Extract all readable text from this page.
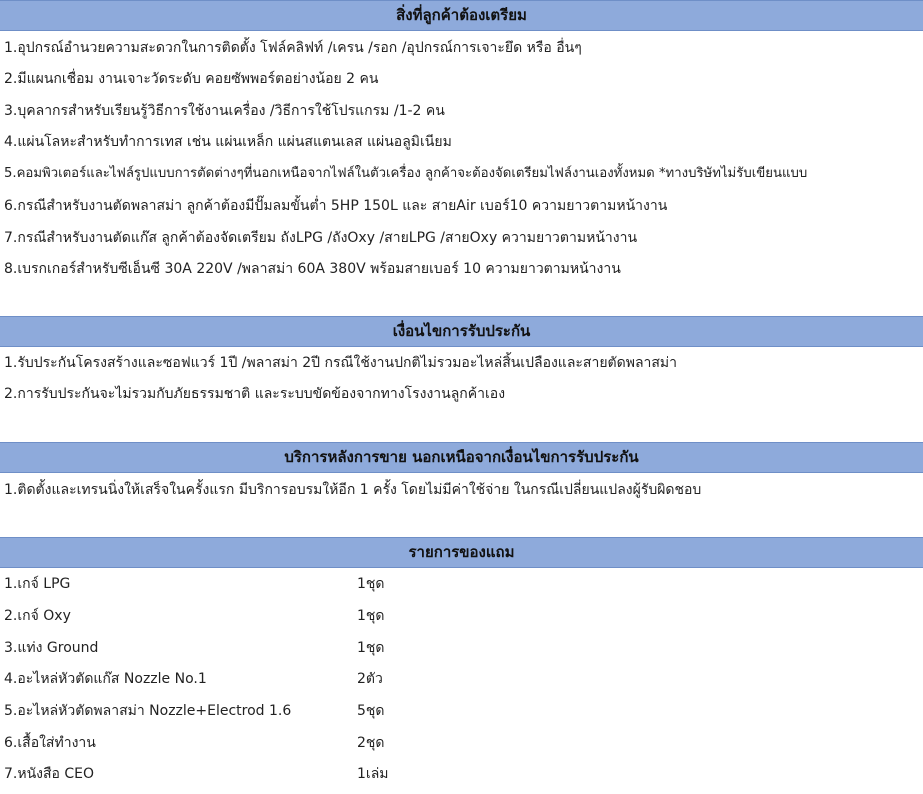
สิ่งที่ลูกค้าต้องเตรียม
1.อุปกรณ์อำนวยความสะดวกในการติดตั้ง โฟล์คลิฟท์ /เครน /รอก /อุปกรณ์การเจาะยึด หรือ อื่นๆ
2.มีแผนกเชื่อม งานเจาะวัดระดับ คอยซัพพอร์ตอย่างน้อย 2 คน
3.บุคลากรสำหรับเรียนรู้วิธีการใช้งานเครื่อง /วิธีการใช้โปรแกรม /1-2 คน
4.แผ่นโลหะสำหรับทำการเทส เช่น แผ่นเหล็ก แผ่นสแตนเลส แผ่นอลูมิเนียม
5.คอมพิวเตอร์และไฟล์รูปแบบการตัดต่างๆที่นอกเหนือจากไฟล์ในตัวเครื่อง ลูกค้าจะต้องจัดเตรียมไฟล์งานเองทั้งหมด *ทางบริษัทไม่รับเขียนแบบ
6.กรณีสำหรับงานตัดพลาสม่า ลูกค้าต้องมีปั๊มลมขั้นต่ำ 5HP 150L และ สายAir เบอร์10 ความยาวตามหน้างาน
7.กรณีสำหรับงานตัดแก๊ส ลูกค้าต้องจัดเตรียม ถังLPG /ถังOxy /สายLPG /สายOxy ความยาวตามหน้างาน
8.เบรกเกอร์สำหรับซีเอ็นซี 30A 220V /พลาสม่า 60A 380V พร้อมสายเบอร์ 10 ความยาวตามหน้างาน
เงื่อนไขการรับประกัน
1.รับประกันโครงสร้างและซอฟแวร์ 1ปี /พลาสม่า 2ปี กรณีใช้งานปกติไม่รวมอะไหล่สิ้นเปลืองและสายตัดพลาสม่า
2.การรับประกันจะไม่รวมกับภัยธรรมชาติ และระบบขัดข้องจากทางโรงงานลูกค้าเอง
บริการหลังการขาย นอกเหนือจากเงื่อนไขการรับประกัน
1.ติดตั้งและเทรนนิ่งให้เสร็จในครั้งแรก มีบริการอบรมให้อีก 1 ครั้ง โดยไม่มีค่าใช้จ่าย ในกรณีเปลี่ยนแปลงผู้รับผิดชอบ
รายการของแถม
1.เกจ์ LPG	1ชุด
2.เกจ์ Oxy	1ชุด
3.แท่ง Ground	1ชุด
4.อะไหล่หัวตัดแก๊ส Nozzle No.1	2ตัว
5.อะไหล่หัวตัดพลาสม่า Nozzle+Electrod 1.6	5ชุด
6.เสื้อใส่ทำงาน	2ชุด
7.หนังสือ CEO	1เล่ม
